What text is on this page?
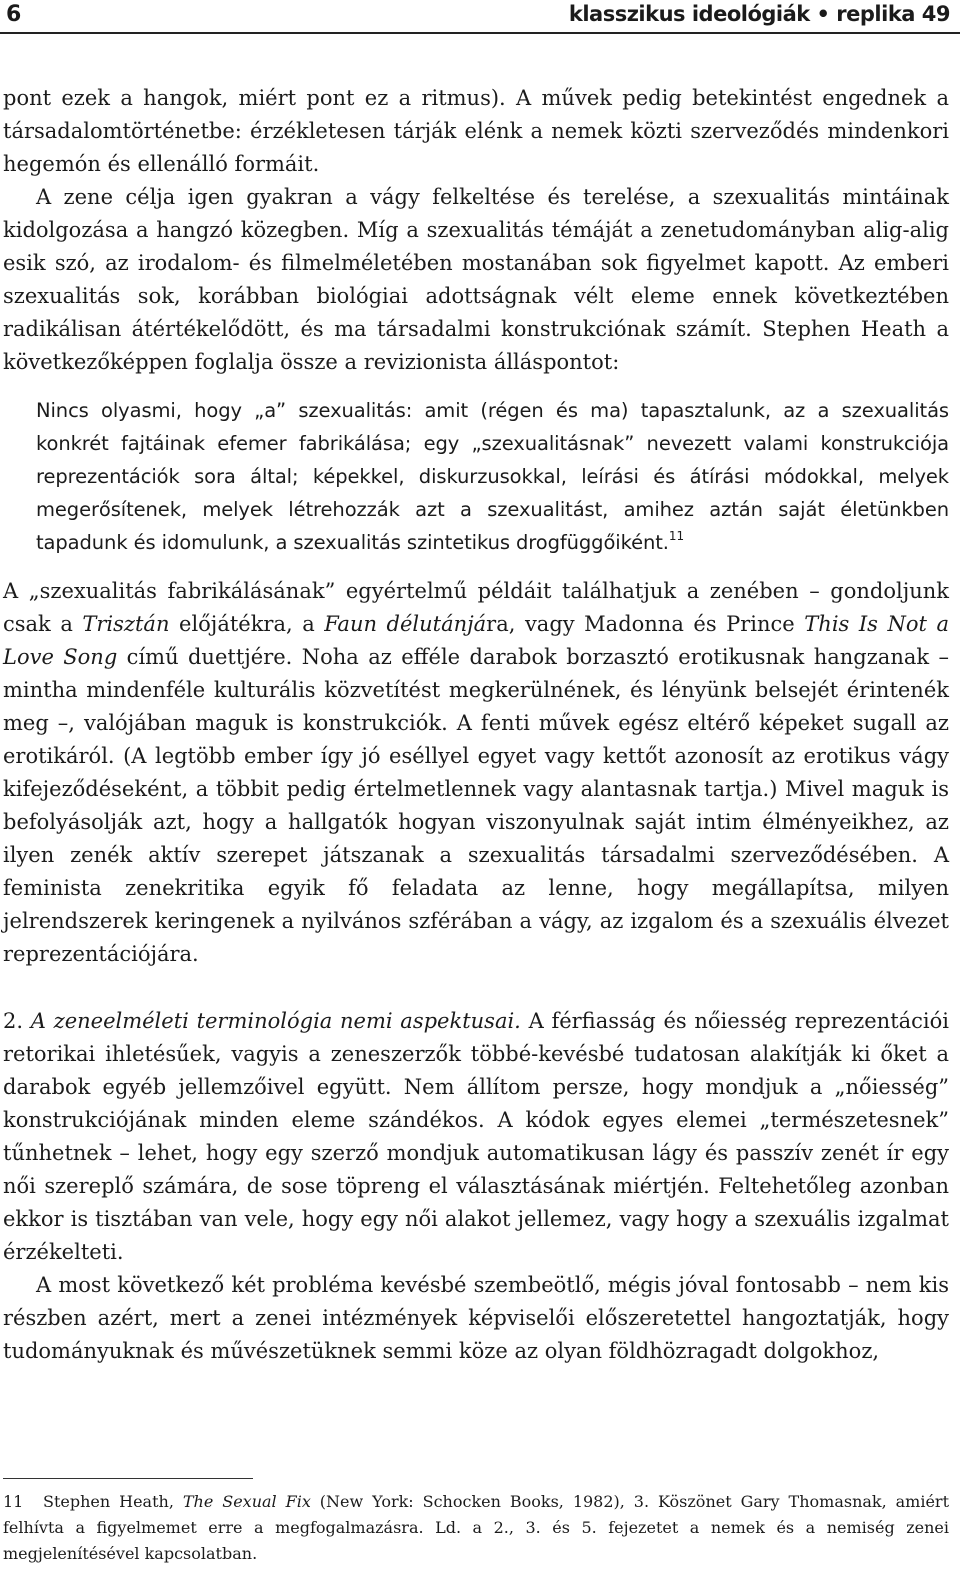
6	klasszikus ideológiák • replika 49

pont ezek a hangok, miért pont ez a ritmus). A művek pedig betekintést engednek a társadalomtörténetbe: érzékletesen tárják elénk a nemek közti szerveződés mindenkori hegemón és ellenálló formáit.

A zene célja igen gyakran a vágy felkeltése és terelése, a szexualitás mintáinak kidolgozása a hangzó közegben. Míg a szexualitás témáját a zenetudományban alig-alig esik szó, az irodalom- és filmelméletében mostanában sok figyelmet kapott. Az emberi szexualitás sok, korábban biológiai adottságnak vélt eleme ennek következtében radikálisan átértékelődött, és ma társadalmi konstrukciónak számít. Stephen Heath a következőképpen foglalja össze a revizionista álláspontot:

Nincs olyasmi, hogy „a” szexualitás: amit (régen és ma) tapasztalunk, az a szexualitás konkrét fajtáinak efemer fabrikálása; egy „szexualitásnak” nevezett valami konstrukciója reprezentációk sora által; képekkel, diskurzusokkal, leírási és átírási módokkal, melyek megerősítenek, melyek létrehozzák azt a szexualitást, amihez aztán saját életünkben tapadunk és idomulunk, a szexualitás szintetikus drogfüggőiként.$^{11}$

A „szexualitás fabrikálásának” egyértelmű példáit találhatjuk a zenében – gondoljunk csak a Trisztán előjátékra, a Faun délutánjára, vagy Madonna és Prince This Is Not a Love Song című duettjére. Noha az efféle darabok borzasztó erotikusnak hangzanak – mintha mindenféle kulturális közvetítést megkerülnének, és lényünk belsejét érintenék meg –, valójában maguk is konstrukciók. A fenti művek egész eltérő képeket sugall az erotikáról. (A legtöbb ember így jó eséllyel egyet vagy kettőt azonosít az erotikus vágy kifejeződéseként, a többit pedig értelmetlennek vagy alantasnak tartja.) Mivel maguk is befolyásolják azt, hogy a hallgatók hogyan viszonyulnak saját intim élményeikhez, az ilyen zenék aktív szerepet játszanak a szexualitás társadalmi szerveződésében. A feminista zenekritika egyik fő feladata az lenne, hogy megállapítsa, milyen jelrendszerek keringenek a nyilvános szférában a vágy, az izgalom és a szexuális élvezet reprezentációjára.

2. A zeneelméleti terminológia nemi aspektusai. A férfiasság és nőiesség reprezentációi retorikai ihletésűek, vagyis a zeneszerzők többé-kevésbé tudatosan alakítják ki őket a darabok egyéb jellemzőivel együtt. Nem állítom persze, hogy mondjuk a „nőiesség” konstrukciójának minden eleme szándékos. A kódok egyes elemei „természetesnek” tűnhetnek – lehet, hogy egy szerző mondjuk automatikusan lágy és passzív zenét ír egy női szereplő számára, de sose töpreng el választásának miértjén. Feltehetőleg azonban ekkor is tisztában van vele, hogy egy női alakot jellemez, vagy hogy a szexuális izgalmat érzékelteti.

A most következő két probléma kevésbé szembeötlő, mégis jóval fontosabb – nem kis részben azért, mert a zenei intézmények képviselői előszeretettel hangoztatják, hogy tudományuknak és művészetüknek semmi köze az olyan földhözragadt dolgokhoz,

11 Stephen Heath, The Sexual Fix (New York: Schocken Books, 1982), 3. Köszönet Gary Thomasnak, amiért felhívta a figyelmemet erre a megfogalmazásra. Ld. a 2., 3. és 5. fejezetet a nemek és a nemiség zenei megjelenítésével kapcsolatban.
